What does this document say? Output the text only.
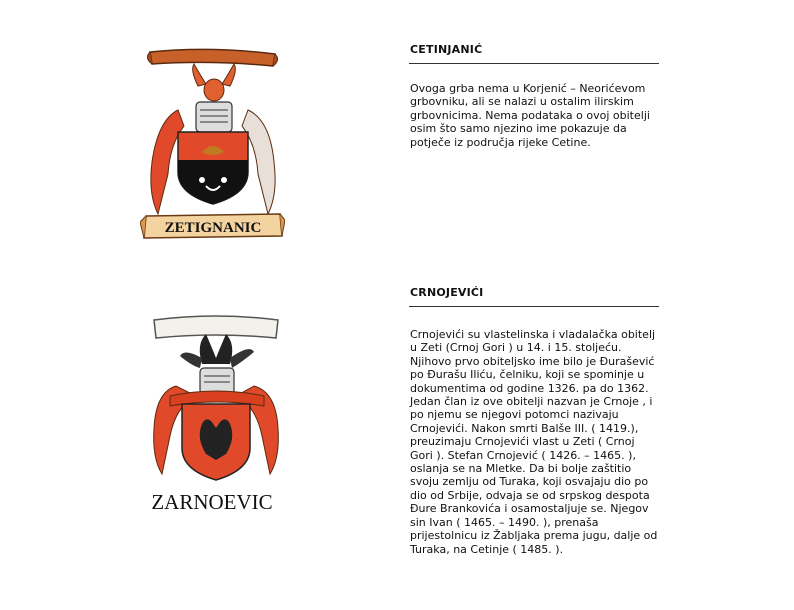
ZETIGNANIC
CETINJANIĆ

Ovoga grba nema u Korjenić – Neorićevom grbovniku, ali se nalazi u ostalim ilirskim grbovnicima. Nema podataka o ovoj obitelji osim što samo njezino ime pokazuje da potječe iz područja rijeke Cetine.

ZARNOEVIC
CRNOJEVIĆI

Crnojevići su vlastelinska i vladalačka obitelj u Zeti (Crnoj Gori ) u 14. i 15. stoljeću. Njihovo prvo obiteljsko ime bilo je Đurašević po Đurašu Iliću, čelniku, koji se spominje u dokumentima od godine 1326. pa do 1362. Jedan član iz ove obitelji nazvan je Crnoje , i po njemu se njegovi potomci nazivaju Crnojevići. Nakon smrti Balše III. ( 1419.), preuzimaju Crnojevići vlast u Zeti ( Crnoj Gori ). Stefan Crnojević ( 1426. – 1465. ), oslanja se na Mletke. Da bi bolje zaštitio svoju zemlju od Turaka, koji osvajaju dio po dio od Srbije, odvaja se od srpskog despota Đure Brankovića i osamostaljuje se. Njegov sin Ivan ( 1465. – 1490. ), prenaša prijestolnicu iz Žabljaka prema jugu, dalje od Turaka, na Cetinje ( 1485. ).
